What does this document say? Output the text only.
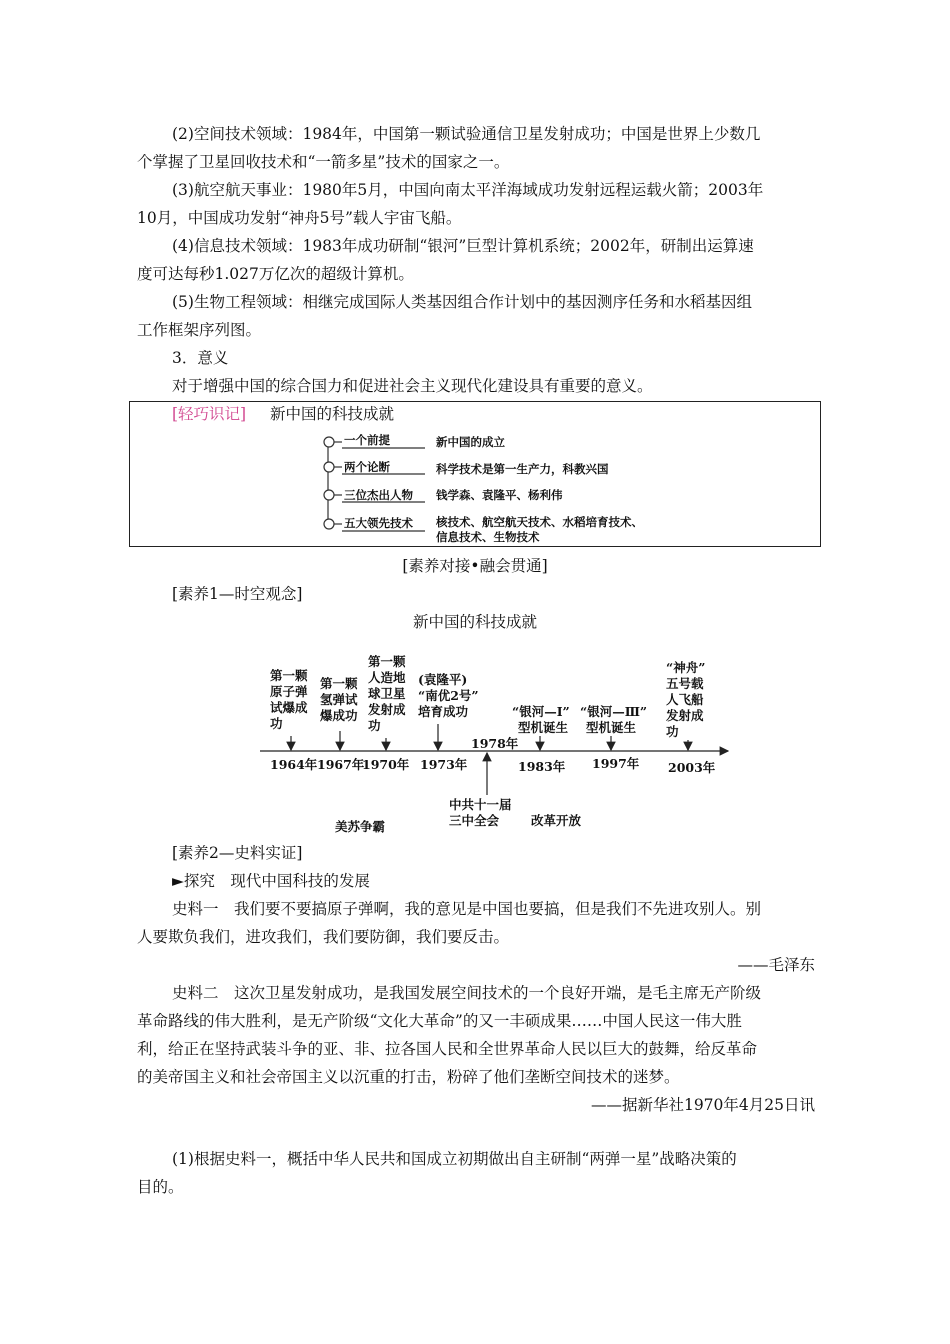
(2)空间技术领域：1984年，中国第一颗试验通信卫星发射成功；中国是世界上少数几
个掌握了卫星回收技术和“一箭多星”技术的国家之一。
(3)航空航天事业：1980年5月，中国向南太平洋海域成功发射远程运载火箭；2003年
10月，中国成功发射“神舟5号”载人宇宙飞船。
(4)信息技术领域：1983年成功研制“银河”巨型计算机系统；2002年，研制出运算速
度可达每秒1.027万亿次的超级计算机。
(5)生物工程领域：相继完成国际人类基因组合作计划中的基因测序任务和水稻基因组
工作框架序列图。
3．意义
对于增强中国的综合国力和促进社会主义现代化建设具有重要的意义。
[轻巧识记] 新中国的科技成就
一个前提
两个论断
三位杰出人物
五大领先技术
新中国的成立
科学技术是第一生产力，科教兴国
钱学森、袁隆平、杨利伟
核技术、航空航天技术、水稻培育技术、
信息技术、生物技术
[素养对接•融会贯通]
[素养1—时空观念]
新中国的科技成就
第一颗
原子弹
试爆成
功
第一颗
氢弹试
爆成功
第一颗
人造地
球卫星
发射成
功
(袁隆平)
“南优2号”
培育成功	“银河—Ⅰ”
型机诞生
“银河—Ⅲ”
型机诞生
“神舟”
五号载
人飞船
发射成
功
1964年 1967年
1970年 1973年
1978年
1983年 1997年 2003年
中共十一届
三中全会
美苏争霸	改革开放
[素养2—史料实证]
►探究　现代中国科技的发展
史料一　我们要不要搞原子弹啊，我的意见是中国也要搞，但是我们不先进攻别人。别
人要欺负我们，进攻我们，我们要防御，我们要反击。
——毛泽东
史料二　这次卫星发射成功，是我国发展空间技术的一个良好开端，是毛主席无产阶级
革命路线的伟大胜利，是无产阶级“文化大革命”的又一丰硕成果……中国人民这一伟大胜
利，给正在坚持武装斗争的亚、非、拉各国人民和全世界革命人民以巨大的鼓舞，给反革命
的美帝国主义和社会帝国主义以沉重的打击，粉碎了他们垄断空间技术的迷梦。
——据新华社1970年4月25日讯
(1)根据史料一，概括中华人民共和国成立初期做出自主研制“两弹一星”战略决策的
目的。
